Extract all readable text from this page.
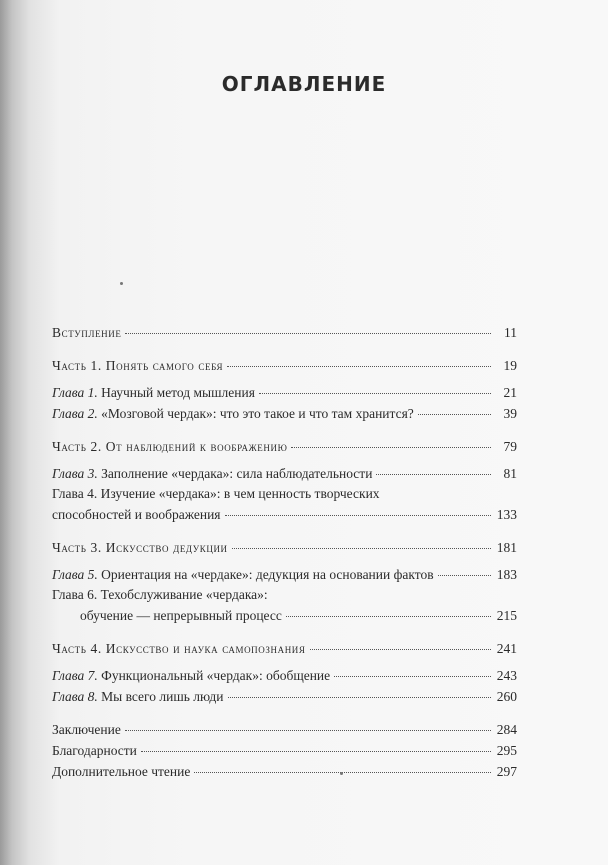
ОГЛАВЛЕНИЕ
Вступление	11
Часть 1. Понять самого себя	19
Глава 1. Научный метод мышления	21
Глава 2. «Мозговой чердак»: что это такое и что там хранится?	39
Часть 2. От наблюдений к воображению	79
Глава 3. Заполнение «чердака»: сила наблюдательности	81
Глава 4. Изучение «чердака»: в чем ценность творческих
способностей и воображения	133
Часть 3. Искусство дедукции	181
Глава 5. Ориентация на «чердаке»: дедукция на основании фактов	183
Глава 6. Техобслуживание «чердака»:
обучение — непрерывный процесс	215
Часть 4. Искусство и наука самопознания	241
Глава 7. Функциональный «чердак»: обобщение	243
Глава 8. Мы всего лишь люди	260
Заключение	284
Благодарности	295
Дополнительное чтение	297
